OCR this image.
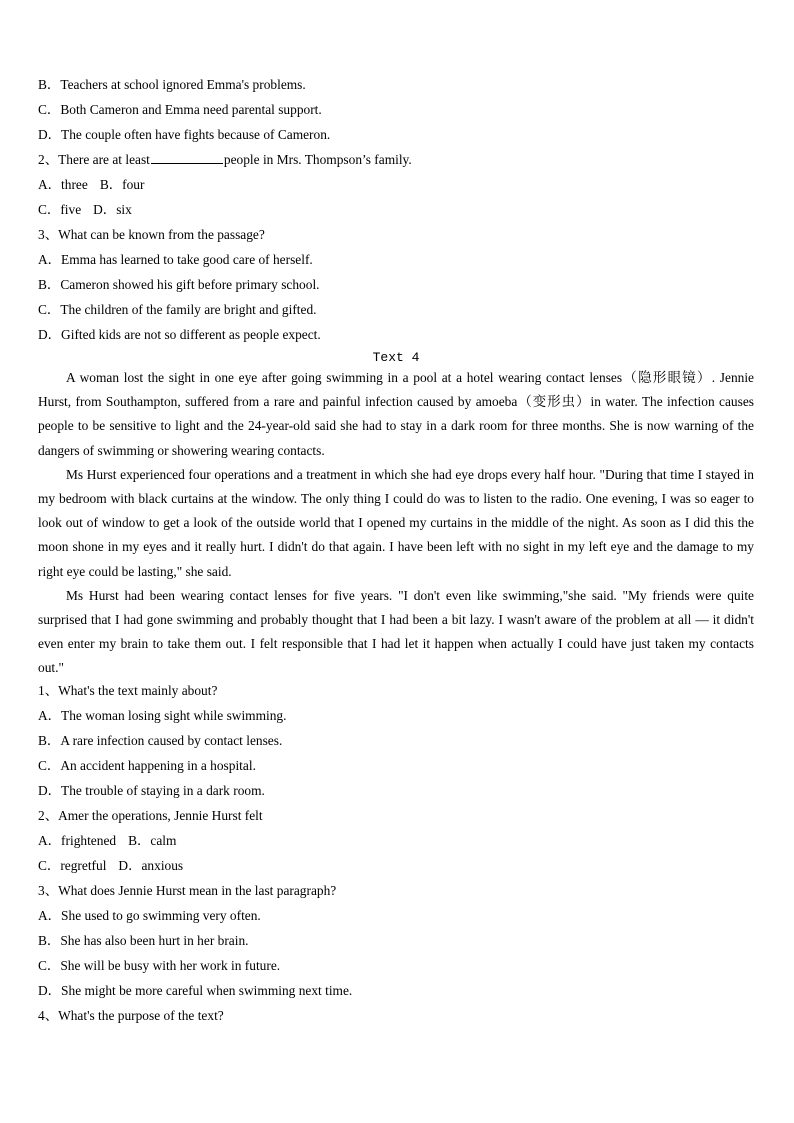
B．Teachers at school ignored Emma's problems.
C．Both Cameron and Emma need parental support.
D．The couple often have fights because of Cameron.
2、There are at least	people in Mrs. Thompson’s family.
A．three B．four
C．five D．six
3、What can be known from the passage?
A．Emma has learned to take good care of herself.
B．Cameron showed his gift before primary school.
C．The children of the family are bright and gifted.
D．Gifted kids are not so different as people expect.
Text 4

A woman lost the sight in one eye after going swimming in a pool at a hotel wearing contact lenses（隐形眼镜）. Jennie Hurst, from Southampton, suffered from a rare and painful infection caused by amoeba（变形虫）in water. The infection causes people to be sensitive to light and the 24-year-old said she had to stay in a dark room for three months. She is now warning of the dangers of swimming or showering wearing contacts.

Ms Hurst experienced four operations and a treatment in which she had eye drops every half hour. "During that time I stayed in my bedroom with black curtains at the window. The only thing I could do was to listen to the radio. One evening, I was so eager to look out of window to get a look of the outside world that I opened my curtains in the middle of the night. As soon as I did this the moon shone in my eyes and it really hurt. I didn't do that again. I have been left with no sight in my left eye and the damage to my right eye could be lasting," she said.

Ms Hurst had been wearing contact lenses for five years. "I don't even like swimming,"she said. "My friends were quite surprised that I had gone swimming and probably thought that I had been a bit lazy. I wasn't aware of the problem at all — it didn't even enter my brain to take them out. I felt responsible that I had let it happen when actually I could have just taken my contacts out."

1、What's the text mainly about?
A．The woman losing sight while swimming.
B．A rare infection caused by contact lenses.
C．An accident happening in a hospital.
D．The trouble of staying in a dark room.
2、Amer the operations, Jennie Hurst felt
A．frightened B．calm
C．regretful D．anxious
3、What does Jennie Hurst mean in the last paragraph?
A．She used to go swimming very often.
B．She has also been hurt in her brain.
C．She will be busy with her work in future.
D．She might be more careful when swimming next time.
4、What's the purpose of the text?
